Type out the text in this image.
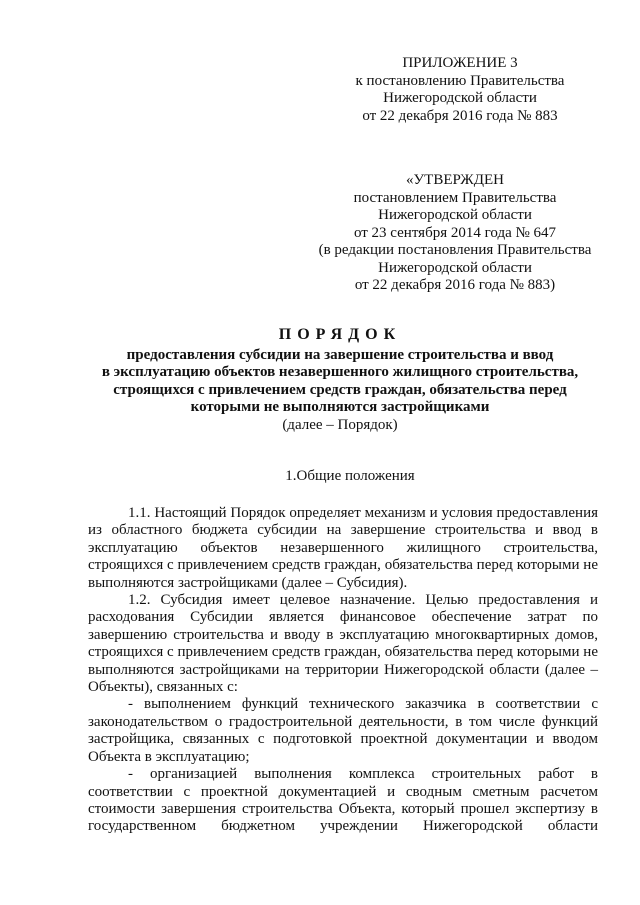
ПРИЛОЖЕНИЕ 3
к постановлению Правительства
Нижегородской области
от 22 декабря 2016 года № 883
«УТВЕРЖДЕН
постановлением Правительства
Нижегородской области
от 23 сентября 2014 года № 647
(в редакции постановления Правительства
Нижегородской области
от 22 декабря 2016 года № 883)
ПОРЯДОК
предоставления субсидии на завершение строительства и ввод
в эксплуатацию объектов незавершенного жилищного строительства,
строящихся с привлечением средств граждан, обязательства перед
которыми не выполняются застройщиками
(далее – Порядок)
1.Общие положения

1.1. Настоящий Порядок определяет механизм и условия предоставления из областного бюджета субсидии на завершение строительства и ввод в эксплуатацию объектов незавершенного жилищного строительства, строящихся с привлечением средств граждан, обязательства перед которыми не выполняются застройщиками (далее – Субсидия).

1.2. Субсидия имеет целевое назначение. Целью предоставления и расходования Субсидии является финансовое обеспечение затрат по завершению строительства и вводу в эксплуатацию многоквартирных домов, строящихся с привлечением средств граждан, обязательства перед которыми не выполняются застройщиками на территории Нижегородской области (далее – Объекты), связанных с:

- выполнением функций технического заказчика в соответствии с законодательством о градостроительной деятельности, в том числе функций застройщика, связанных с подготовкой проектной документации и вводом Объекта в эксплуатацию;

- организацией выполнения комплекса строительных работ в соответствии с проектной документацией и сводным сметным расчетом стоимости завершения строительства Объекта, который прошел экспертизу в государственном бюджетном учреждении Нижегородской области
